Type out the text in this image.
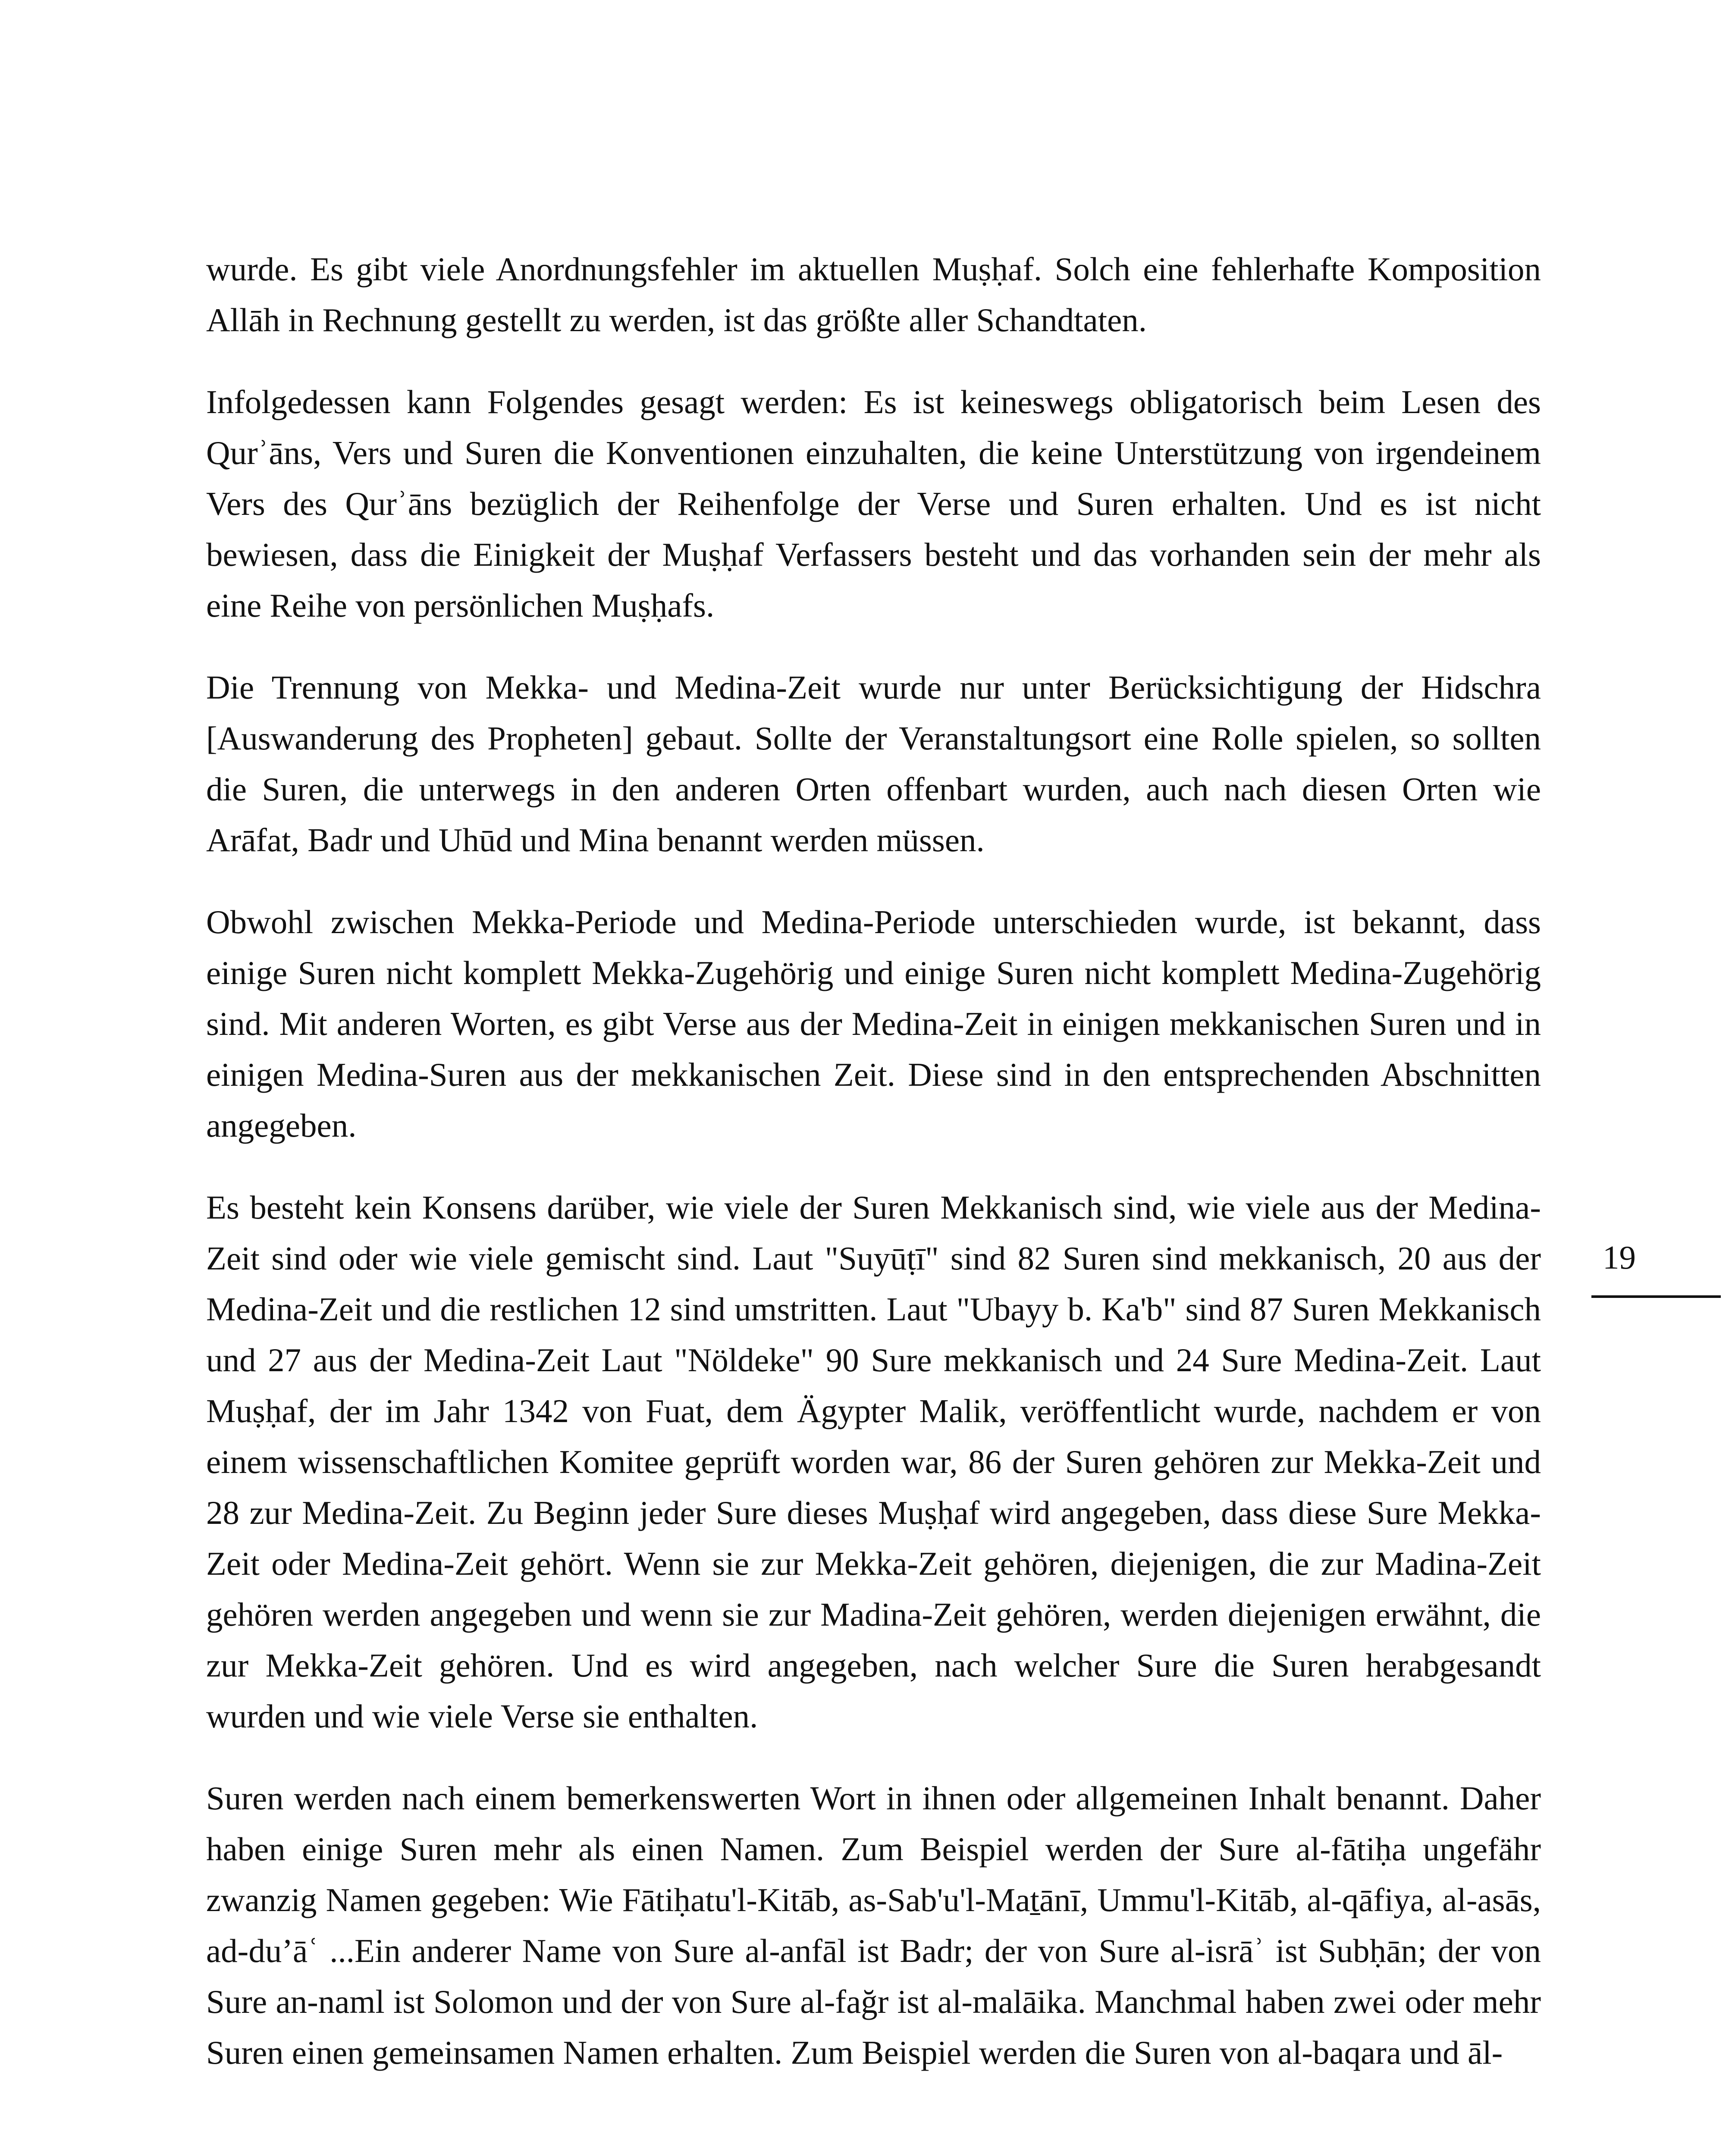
wurde. Es gibt viele Anordnungsfehler im aktuellen Muṣḥaf. Solch eine fehlerhafte Komposition Allāh in Rechnung gestellt zu werden, ist das größte aller Schandtaten.

Infolgedessen kann Folgendes gesagt werden: Es ist keineswegs obligatorisch beim Lesen des Qurʾāns, Vers und Suren die Konventionen einzuhalten, die keine Unterstützung von irgendeinem Vers des Qurʾāns bezüglich der Reihenfolge der Verse und Suren erhalten. Und es ist nicht bewiesen, dass die Einigkeit der Muṣḥaf Verfassers besteht und das vorhanden sein der mehr als eine Reihe von persönlichen Muṣḥafs.

Die Trennung von Mekka- und Medina-Zeit wurde nur unter Berücksichtigung der Hidschra [Auswanderung des Propheten] gebaut. Sollte der Veranstaltungsort eine Rolle spielen, so sollten die Suren, die unterwegs in den anderen Orten offenbart wurden, auch nach diesen Orten wie Arāfat, Badr und Uhūd und Mina benannt werden müssen.

Obwohl zwischen Mekka-Periode und Medina-Periode unterschieden wurde, ist bekannt, dass einige Suren nicht komplett Mekka-Zugehörig und einige Suren nicht komplett Medina-Zugehörig sind. Mit anderen Worten, es gibt Verse aus der Medina-Zeit in einigen mekkanischen Suren und in einigen Medina-Suren aus der mekkanischen Zeit. Diese sind in den entsprechenden Abschnitten angegeben.

Es besteht kein Konsens darüber, wie viele der Suren Mekkanisch sind, wie viele aus der Medina-Zeit sind oder wie viele gemischt sind. Laut "Suyūṭī" sind 82 Suren sind mekkanisch, 20 aus der Medina-Zeit und die restlichen 12 sind umstritten. Laut "Ubayy b. Ka'b" sind 87 Suren Mekkanisch und 27 aus der Medina-Zeit Laut "Nöldeke" 90 Sure mekkanisch und 24 Sure Medina-Zeit. Laut Muṣḥaf, der im Jahr 1342 von Fuat, dem Ägypter Malik, veröffentlicht wurde, nachdem er von einem wissenschaftlichen Komitee geprüft worden war, 86 der Suren gehören zur Mekka-Zeit und 28 zur Medina-Zeit. Zu Beginn jeder Sure dieses Muṣḥaf wird angegeben, dass diese Sure Mekka-Zeit oder Medina-Zeit gehört. Wenn sie zur Mekka-Zeit gehören, diejenigen, die zur Madina-Zeit gehören werden angegeben und wenn sie zur Madina-Zeit gehören, werden diejenigen erwähnt, die zur Mekka-Zeit gehören. Und es wird angegeben, nach welcher Sure die Suren herabgesandt wurden und wie viele Verse sie enthalten.

Suren werden nach einem bemerkenswerten Wort in ihnen oder allgemeinen Inhalt benannt. Daher haben einige Suren mehr als einen Namen. Zum Beispiel werden der Sure al-fātiḥa ungefähr zwanzig Namen gegeben: Wie Fātiḥatu'l-Kitāb, as-Sab'u'l-Maṯānī, Ummu'l-Kitāb, al-qāfiya, al-asās, ad-du’āʿ ...Ein anderer Name von Sure al-anfāl ist Badr; der von Sure al-isrāʾ ist Subḥān; der von Sure an-naml ist Solomon und der von Sure al-fağr ist al-malāika. Manchmal haben zwei oder mehr Suren einen gemeinsamen Namen erhalten. Zum Beispiel werden die Suren von al-baqara und āl-

19
